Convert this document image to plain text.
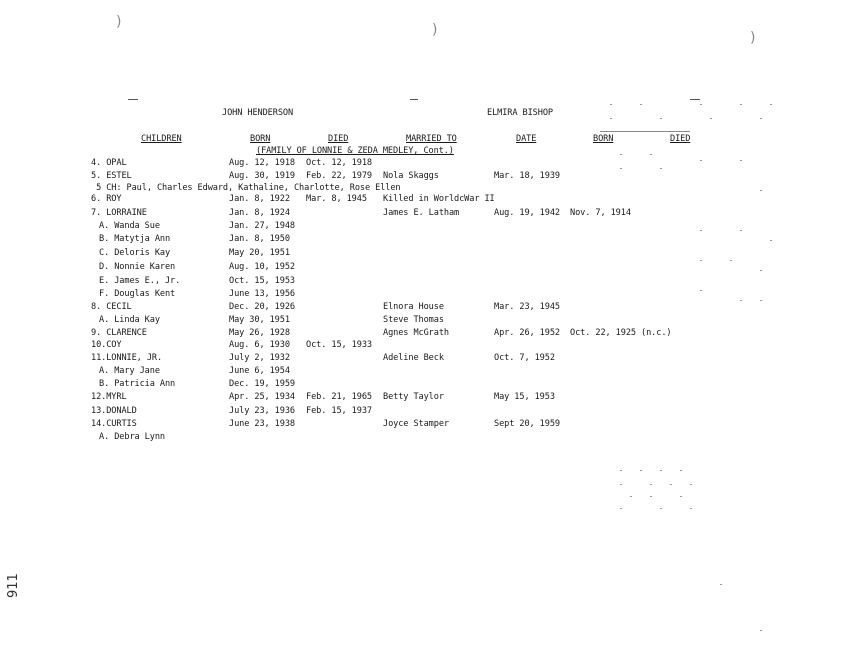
)	)	)
JOHN HENDERSON	ELMIRA BISHOP
CHILDREN	BORN	DIED	MARRIED TO	DATE	BORN	DIED
(FAMILY OF LONNIE & ZEDA MEDLEY, Cont.)
4. OPAL	Aug. 12, 1918 Oct. 12, 1918
5. ESTEL	Aug. 30, 1919 Feb. 22, 1979 Nola Skaggs	Mar. 18, 1939
5 CH: Paul, Charles Edward, Kathaline, Charlotte, Rose Ellen
6. ROY	Jan. 8, 1922 Mar. 8, 1945 Killed in WorldcWar II
7. LORRAINE	Jan. 8, 1924	James E. Latham	Aug. 19, 1942 Nov. 7, 1914
A. Wanda Sue	Jan. 27, 1948
B. Matytja Ann	Jan. 8, 1950
C. Deloris Kay	May 20, 1951
D. Nonnie Karen	Aug. 10, 1952
E. James E., Jr.	Oct. 15, 1953
F. Douglas Kent	June 13, 1956
8. CECIL	Dec. 20, 1926	Elnora House	Mar. 23, 1945
A. Linda Kay	May 30, 1951	Steve Thomas
9. CLARENCE	May 26, 1928	Agnes McGrath	Apr. 26, 1952 Oct. 22, 1925 (n.c.)
10.COY	Aug. 6, 1930 Oct. 15, 1933
11.LONNIE, JR.	July 2, 1932	Adeline Beck	Oct. 7, 1952
A. Mary Jane	June 6, 1954
B. Patricia Ann	Dec. 19, 1959
12.MYRL	Apr. 25, 1934 Feb. 21, 1965 Betty Taylor	May 15, 1953
13.DONALD	July 23, 1936 Feb. 15, 1937
14.CURTIS	June 23, 1938	Joyce Stamper	Sept 20, 1959
A. Debra Lynn
911
